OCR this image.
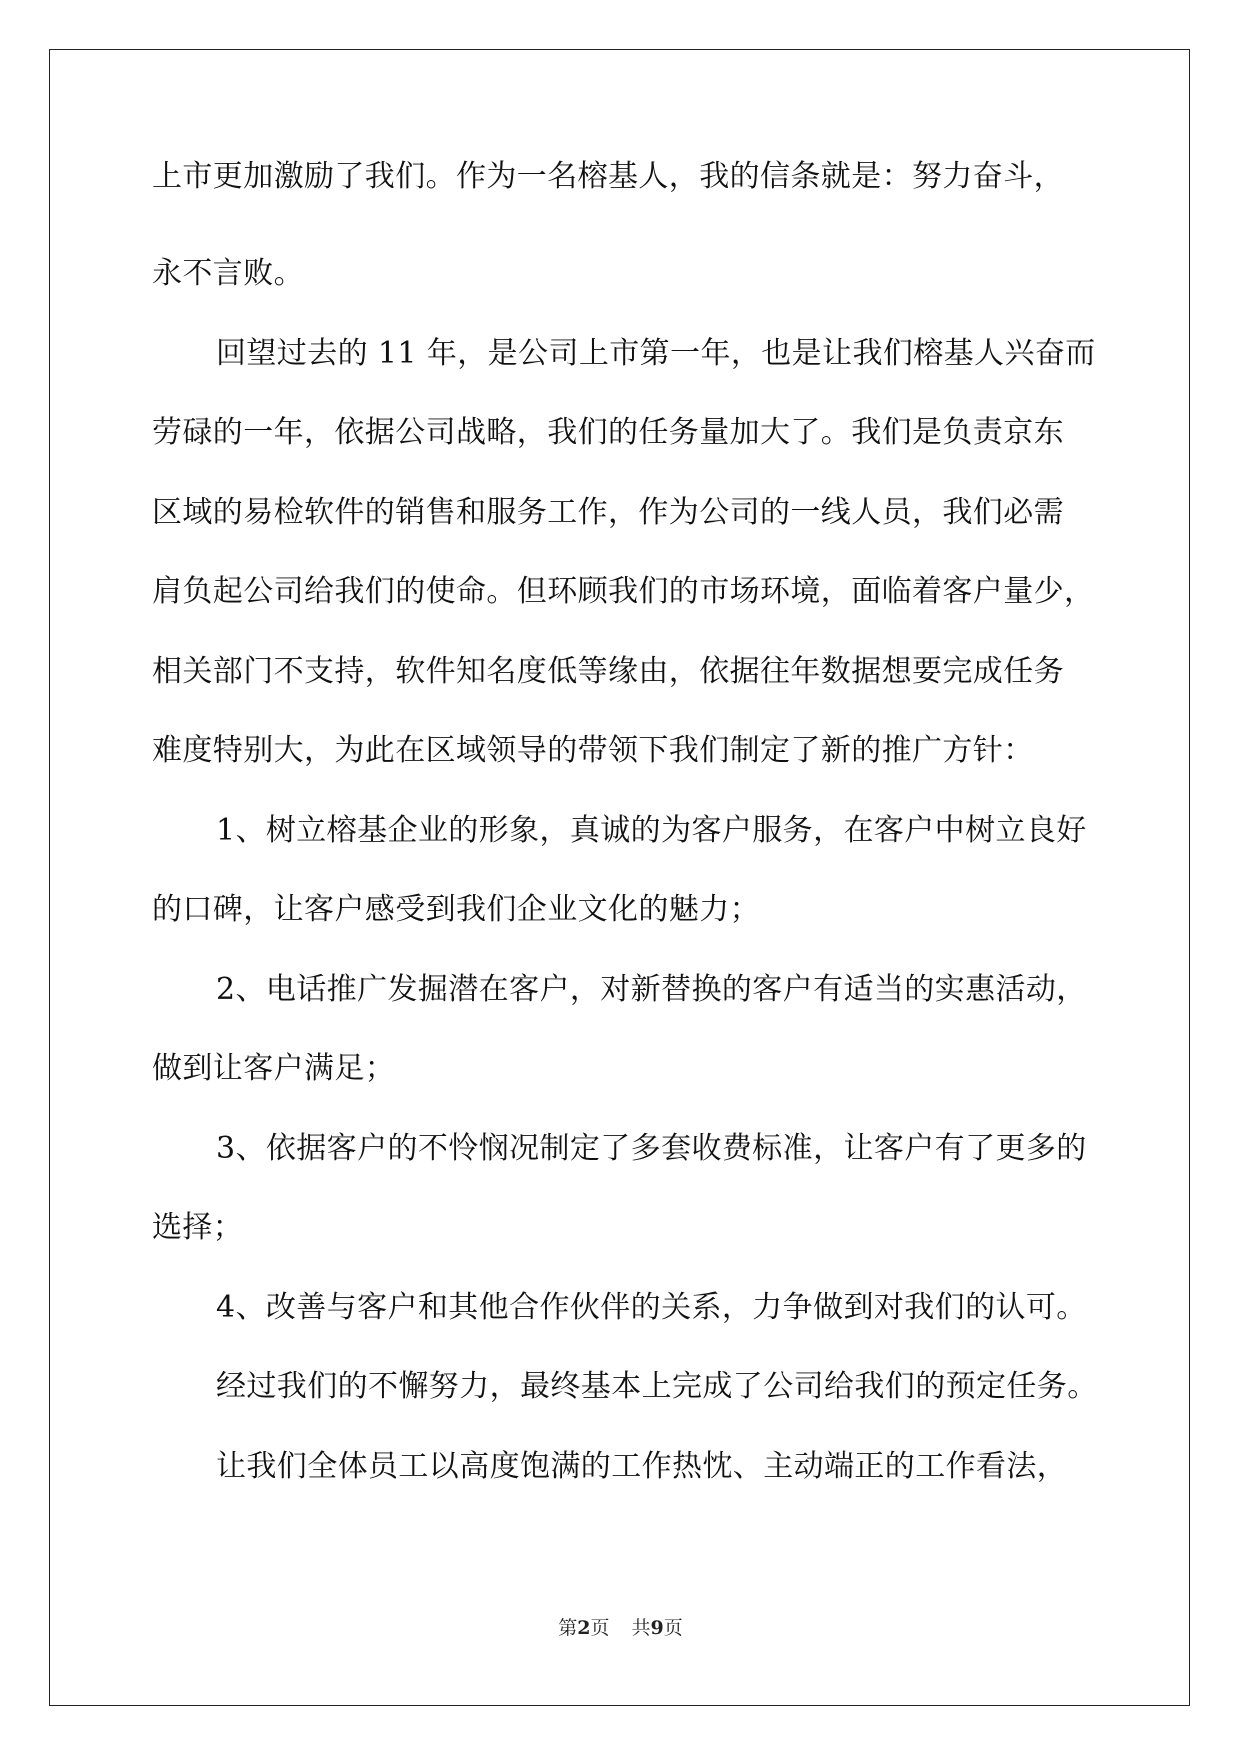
上市更加激励了我们。作为一名榕基人，我的信条就是：努力奋斗，
永不言败。
回望过去的 11 年，是公司上市第一年，也是让我们榕基人兴奋而
劳碌的一年，依据公司战略，我们的任务量加大了。我们是负责京东
区域的易检软件的销售和服务工作，作为公司的一线人员，我们必需
肩负起公司给我们的使命。但环顾我们的市场环境，面临着客户量少，
相关部门不支持，软件知名度低等缘由，依据往年数据想要完成任务
难度特别大，为此在区域领导的带领下我们制定了新的推广方针：
1、树立榕基企业的形象，真诚的为客户服务，在客户中树立良好
的口碑，让客户感受到我们企业文化的魅力；
2、电话推广发掘潜在客户，对新替换的客户有适当的实惠活动，
做到让客户满足；
3、依据客户的不怜悯况制定了多套收费标准，让客户有了更多的
选择；
4、改善与客户和其他合作伙伴的关系，力争做到对我们的认可。
经过我们的不懈努力，最终基本上完成了公司给我们的预定任务。
让我们全体员工以高度饱满的工作热忱、主动端正的工作看法，
第2页 共9页
